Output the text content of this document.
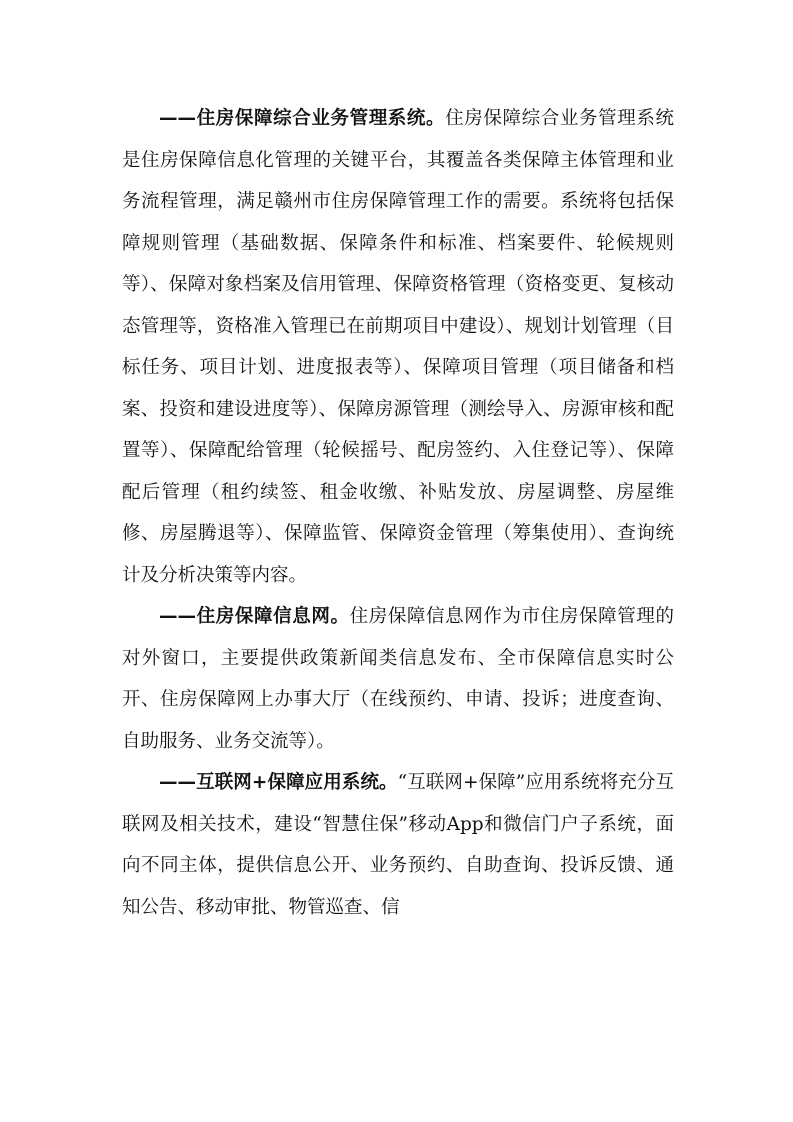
——住房保障综合业务管理系统。住房保障综合业务管理系统是住房保障信息化管理的关键平台，其覆盖各类保障主体管理和业务流程管理，满足赣州市住房保障管理工作的需要。系统将包括保障规则管理（基础数据、保障条件和标准、档案要件、轮候规则等）、保障对象档案及信用管理、保障资格管理（资格变更、复核动态管理等，资格准入管理已在前期项目中建设）、规划计划管理（目标任务、项目计划、进度报表等）、保障项目管理（项目储备和档案、投资和建设进度等）、保障房源管理（测绘导入、房源审核和配置等）、保障配给管理（轮候摇号、配房签约、入住登记等）、保障配后管理（租约续签、租金收缴、补贴发放、房屋调整、房屋维修、房屋腾退等）、保障监管、保障资金管理（筹集使用）、查询统计及分析决策等内容。

——住房保障信息网。住房保障信息网作为市住房保障管理的对外窗口，主要提供政策新闻类信息发布、全市保障信息实时公开、住房保障网上办事大厅（在线预约、申请、投诉；进度查询、自助服务、业务交流等）。

——互联网+保障应用系统。“互联网+保障”应用系统将充分互联网及相关技术，建设“智慧住保”移动App和微信门户子系统，面向不同主体，提供信息公开、业务预约、自助查询、投诉反馈、通知公告、移动审批、物管巡查、信
